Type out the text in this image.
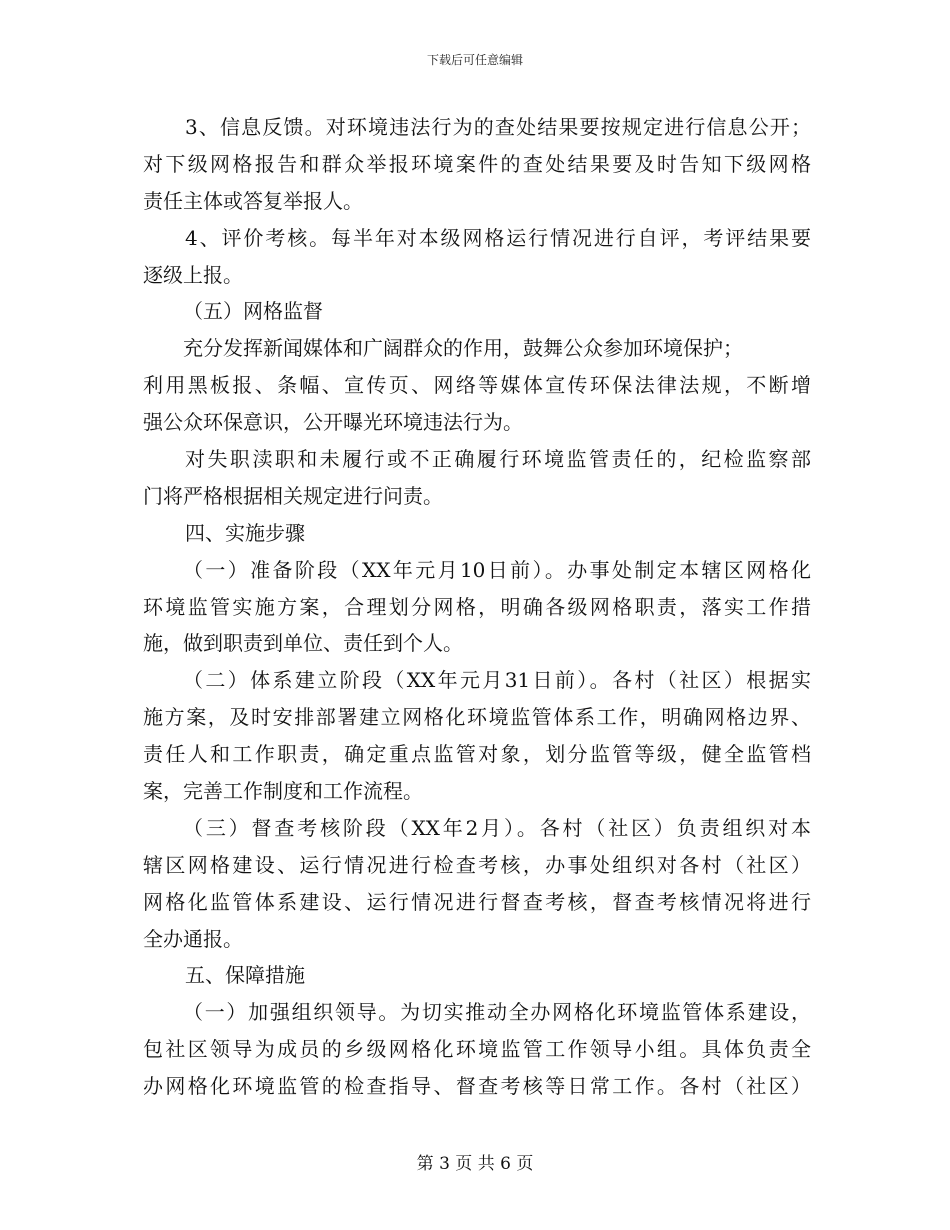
下载后可任意编辑
3、信息反馈。对环境违法行为的查处结果要按规定进行信息公开；
对下级网格报告和群众举报环境案件的查处结果要及时告知下级网格
责任主体或答复举报人。
4、评价考核。每半年对本级网格运行情况进行自评，考评结果要
逐级上报。
（五）网格监督
充分发挥新闻媒体和广阔群众的作用，鼓舞公众参加环境保护；
利用黑板报、条幅、宣传页、网络等媒体宣传环保法律法规，不断增
强公众环保意识，公开曝光环境违法行为。
对失职渎职和未履行或不正确履行环境监管责任的，纪检监察部
门将严格根据相关规定进行问责。
四、实施步骤
（一）准备阶段（XX年元月10日前）。办事处制定本辖区网格化
环境监管实施方案，合理划分网格，明确各级网格职责，落实工作措
施，做到职责到单位、责任到个人。
（二）体系建立阶段（XX年元月31日前）。各村（社区）根据实
施方案，及时安排部署建立网格化环境监管体系工作，明确网格边界、
责任人和工作职责，确定重点监管对象，划分监管等级，健全监管档
案，完善工作制度和工作流程。
（三）督查考核阶段（XX年2月）。各村（社区）负责组织对本
辖区网格建设、运行情况进行检查考核，办事处组织对各村（社区）
网格化监管体系建设、运行情况进行督查考核，督查考核情况将进行
全办通报。
五、保障措施
（一）加强组织领导。为切实推动全办网格化环境监管体系建设，
包社区领导为成员的乡级网格化环境监管工作领导小组。具体负责全
办网格化环境监管的检查指导、督查考核等日常工作。各村（社区）
第 3 页 共 6 页
